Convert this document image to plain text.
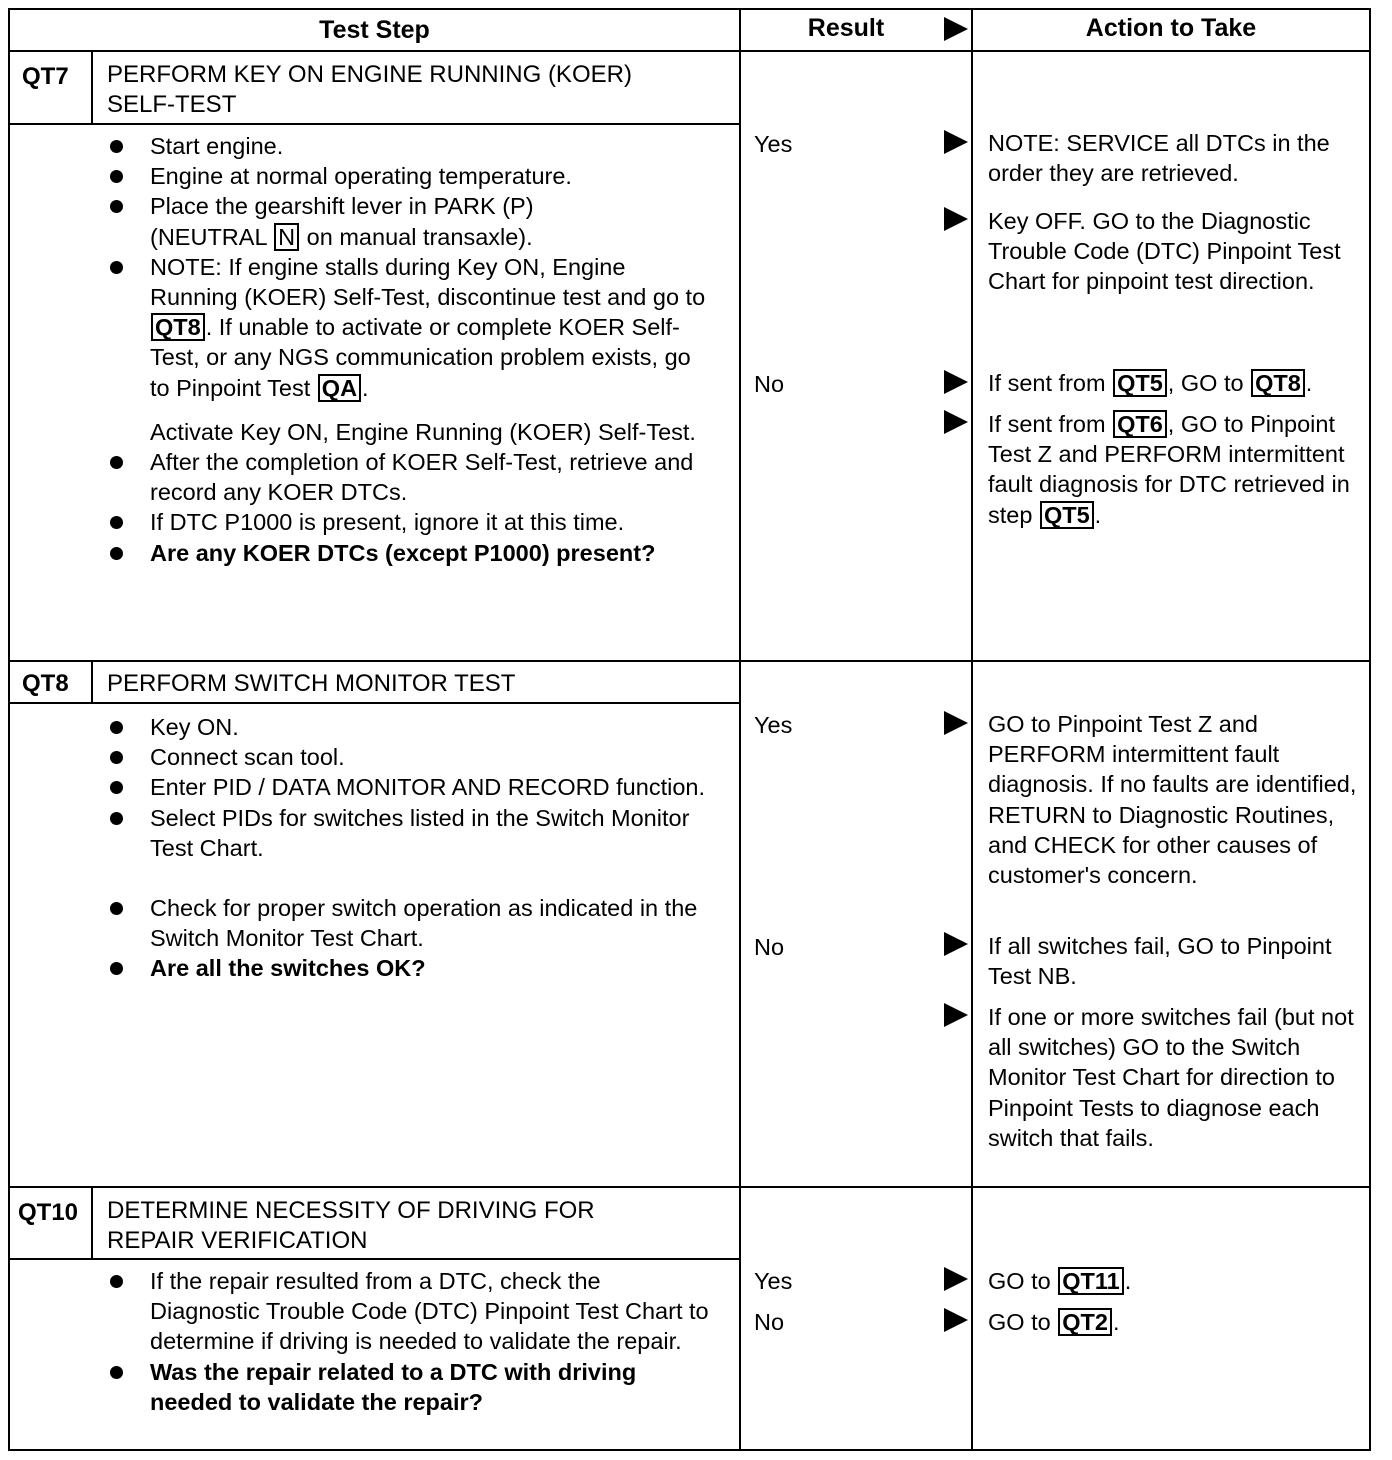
Test Step	Result	Action to Take
QT7	PERFORM KEY ON ENGINE RUNNING (KOER)
SELF-TEST

Start engine.

Engine at normal operating temperature.

Place the gearshift lever in PARK (P)
(NEUTRAL N on manual transaxle).

NOTE: If engine stalls during Key ON, Engine Running (KOER) Self-Test, discontinue test and go to QT8 . If unable to activate or complete KOER Self-Test, or any NGS communication problem exists, go to Pinpoint Test QA .

Activate Key ON, Engine Running (KOER) Self-Test.

After the completion of KOER Self-Test, retrieve and record any KOER DTCs.

If DTC P1000 is present, ignore it at this time.

Are any KOER DTCs (except P1000) present?

Yes	NOTE: SERVICE all DTCs in the order they are retrieved.
Key OFF. GO to the Diagnostic Trouble Code (DTC) Pinpoint Test Chart for pinpoint test direction.
No	If sent from QT5 , GO to QT8 .
If sent from QT6 , GO to Pinpoint Test Z and PERFORM intermittent fault diagnosis for DTC retrieved in step QT5 .
QT8	PERFORM SWITCH MONITOR TEST

Key ON.

Connect scan tool.

Enter PID / DATA MONITOR AND RECORD function.

Select PIDs for switches listed in the Switch Monitor Test Chart.

Check for proper switch operation as indicated in the Switch Monitor Test Chart.

Are all the switches OK?

Yes	GO to Pinpoint Test Z and PERFORM intermittent fault diagnosis. If no faults are identified, RETURN to Diagnostic Routines, and CHECK for other causes of customer's concern.
No	If all switches fail, GO to Pinpoint Test NB.
If one or more switches fail (but not all switches) GO to the Switch Monitor Test Chart for direction to Pinpoint Tests to diagnose each switch that fails.
QT10	DETERMINE NECESSITY OF DRIVING FOR
REPAIR VERIFICATION

If the repair resulted from a DTC, check the Diagnostic Trouble Code (DTC) Pinpoint Test Chart to determine if driving is needed to validate the repair.

Was the repair related to a DTC with driving needed to validate the repair?

Yes	GO to QT11 .
No	GO to QT2 .
